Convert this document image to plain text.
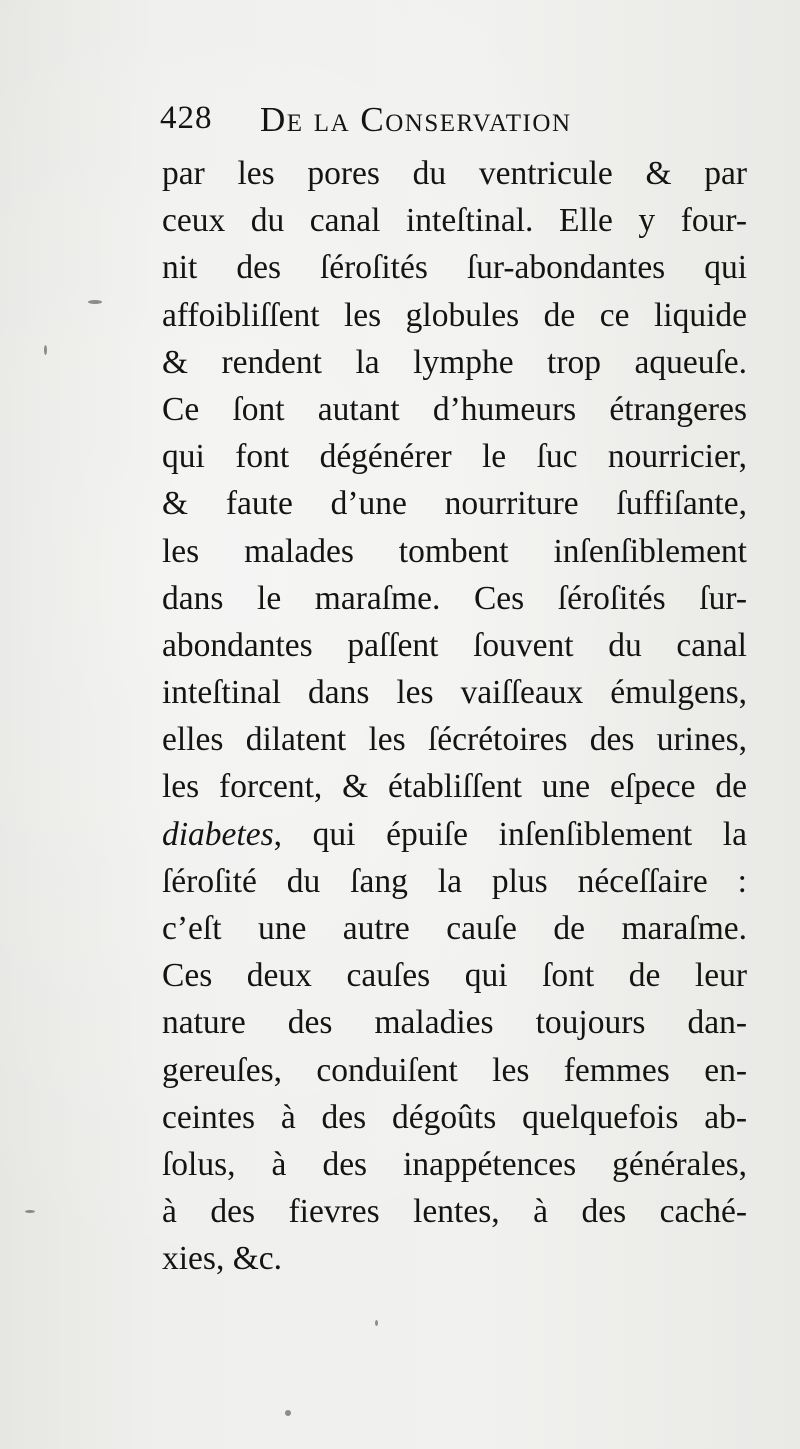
428 De la Conservation
par les pores du ventricule & par
ceux du canal inteſtinal. Elle y four-
nit des ſéroſités ſur-abondantes qui
affoibliſſent les globules de ce liquide
& rendent la lymphe trop aqueuſe.
Ce ſont autant d’humeurs étrangeres
qui font dégénérer le ſuc nourricier,
& faute d’une nourriture ſuffiſante,
les malades tombent inſenſiblement
dans le maraſme. Ces ſéroſités ſur-
abondantes paſſent ſouvent du canal
inteſtinal dans les vaiſſeaux émulgens,
elles dilatent les ſécrétoires des urines,
les forcent, & établiſſent une eſpece de
diabetes, qui épuiſe inſenſiblement la
ſéroſité du ſang la plus néceſſaire :
c’eſt une autre cauſe de maraſme.
Ces deux cauſes qui ſont de leur
nature des maladies toujours dan-
gereuſes, conduiſent les femmes en-
ceintes à des dégoûts quelquefois ab-
ſolus, à des inappétences générales,
à des fievres lentes, à des caché-
xies, &c.
